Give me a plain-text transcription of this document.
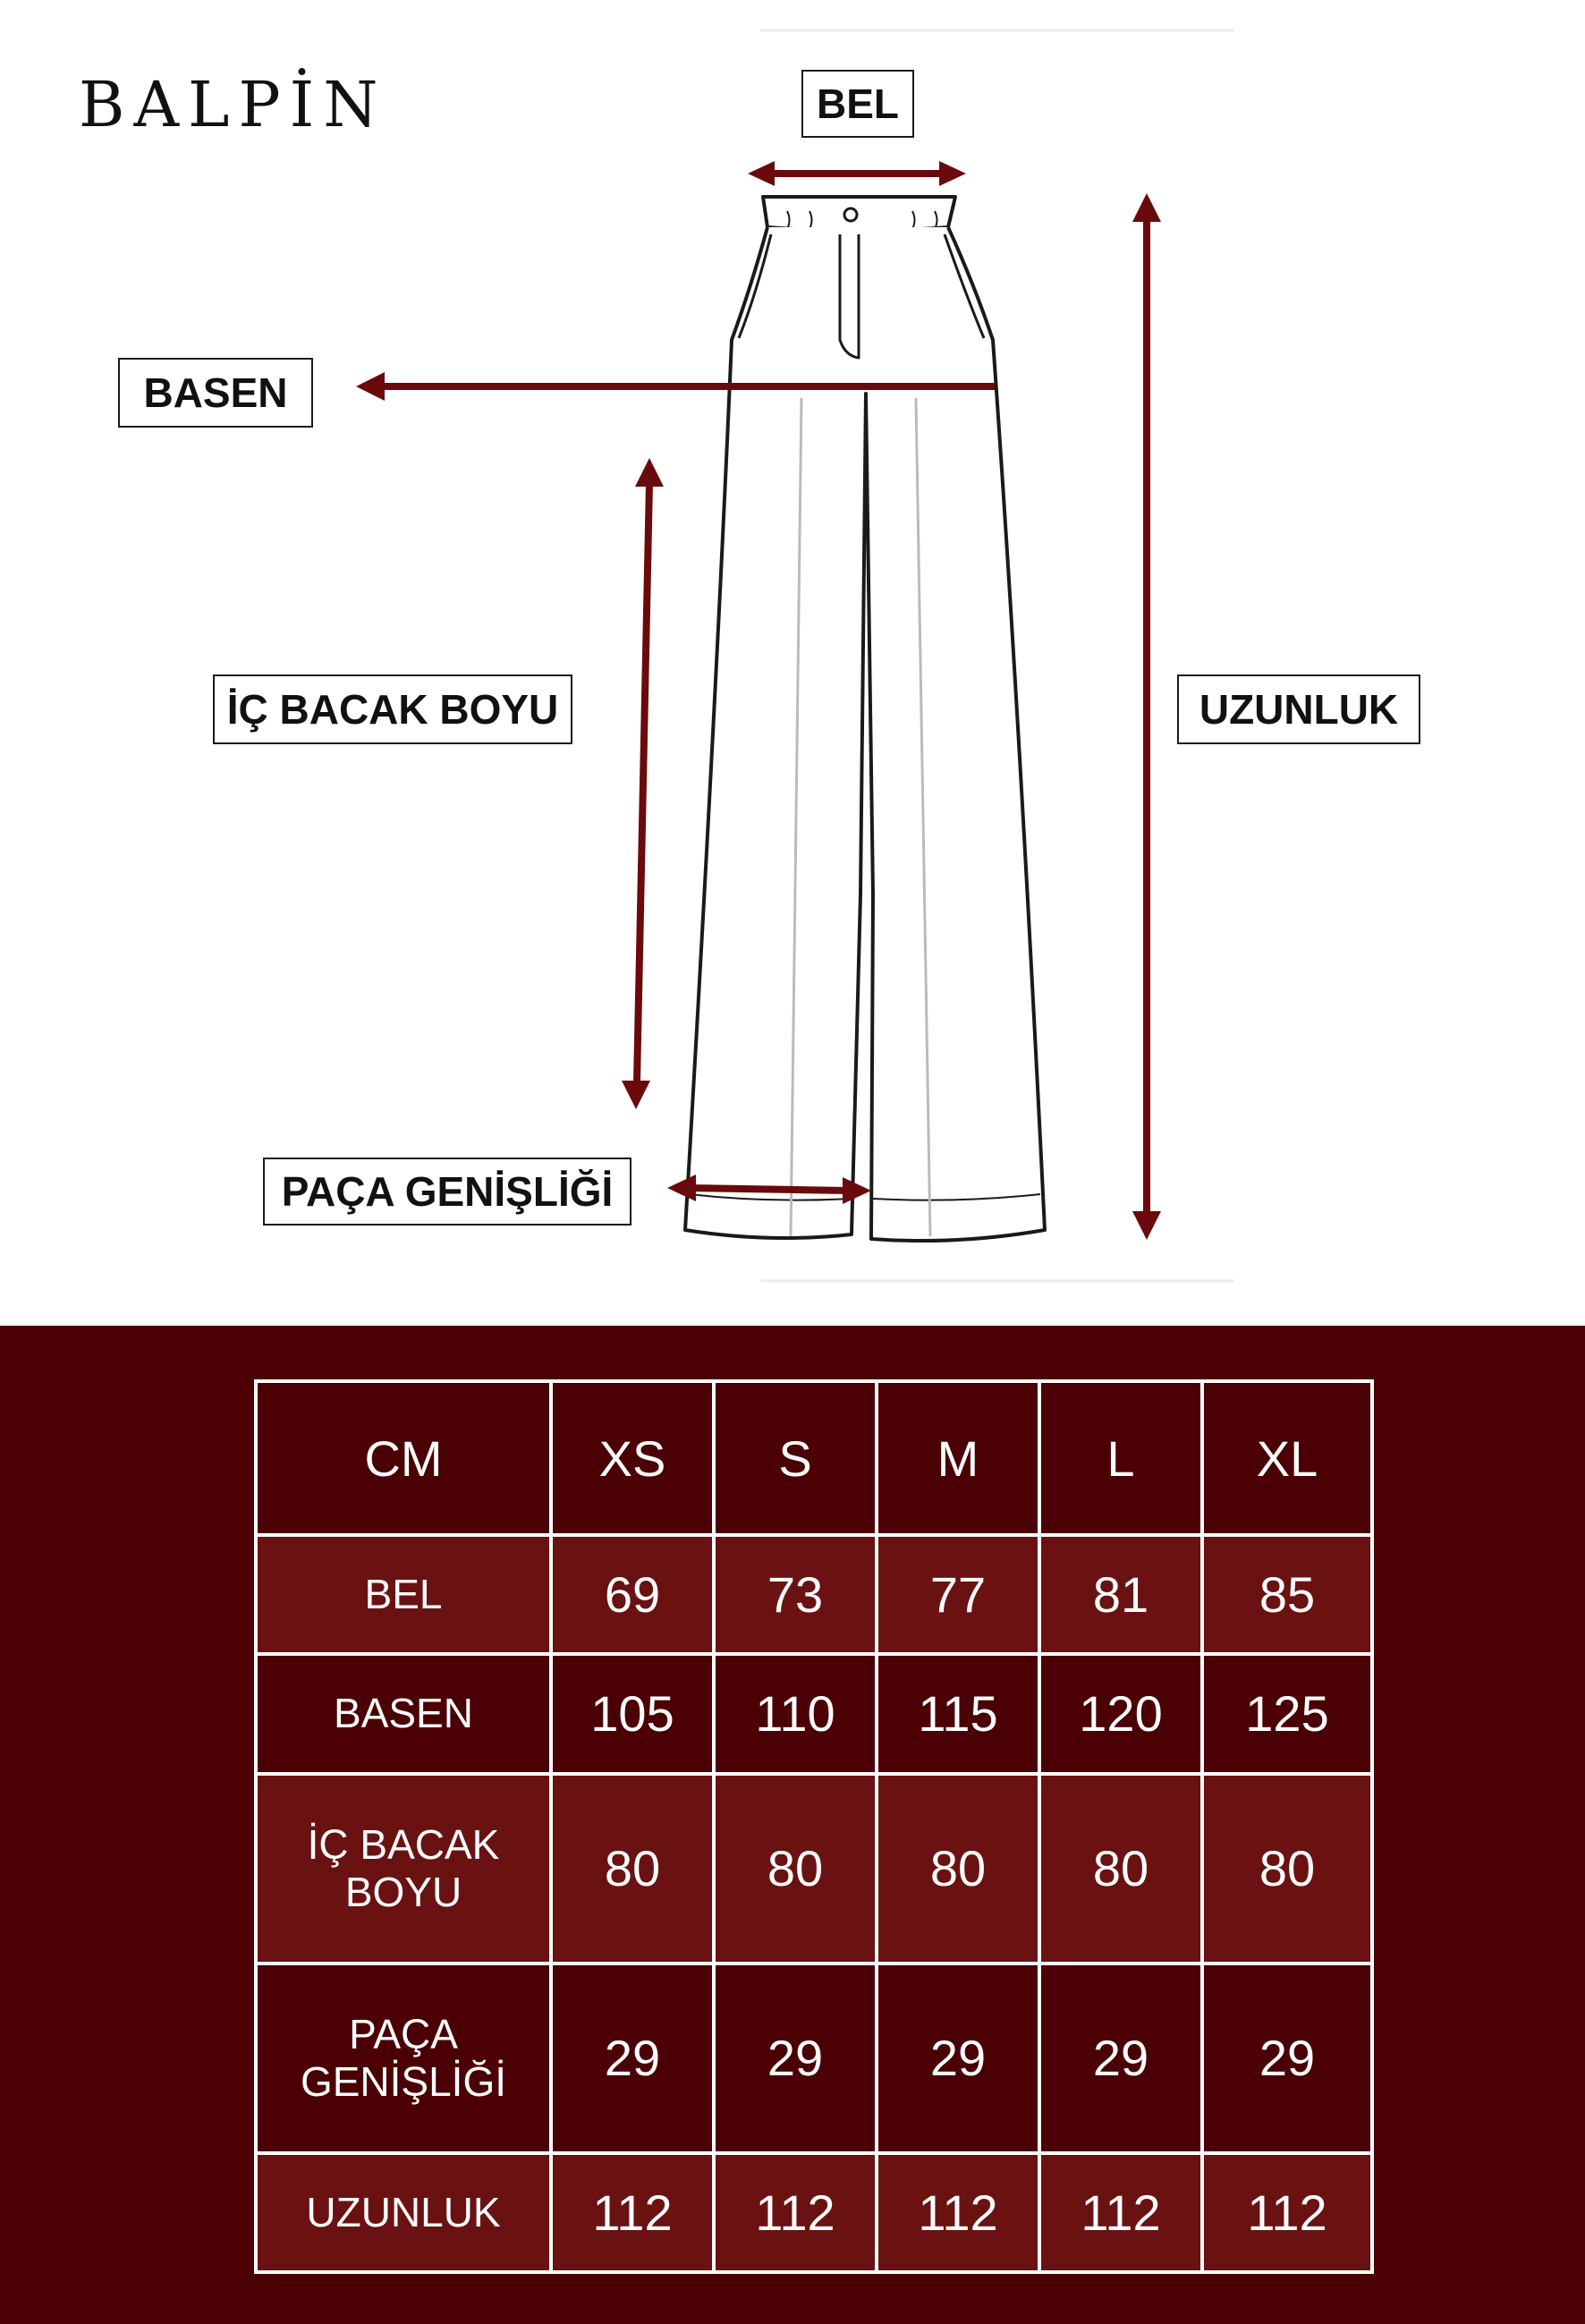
BALPİN	BEL
BASEN
İÇ BACAK BOYU	UZUNLUK
PAÇA GENİŞLİĞİ
CM	XS	S	M	L	XL
BEL	69	73	77	81	85
BASEN	105	110	115	120	125
İÇ BACAK BOYU	80	80	80	80	80
PAÇA GENİŞLİĞİ	29	29	29	29	29
UZUNLUK	112	112	112	112	112
